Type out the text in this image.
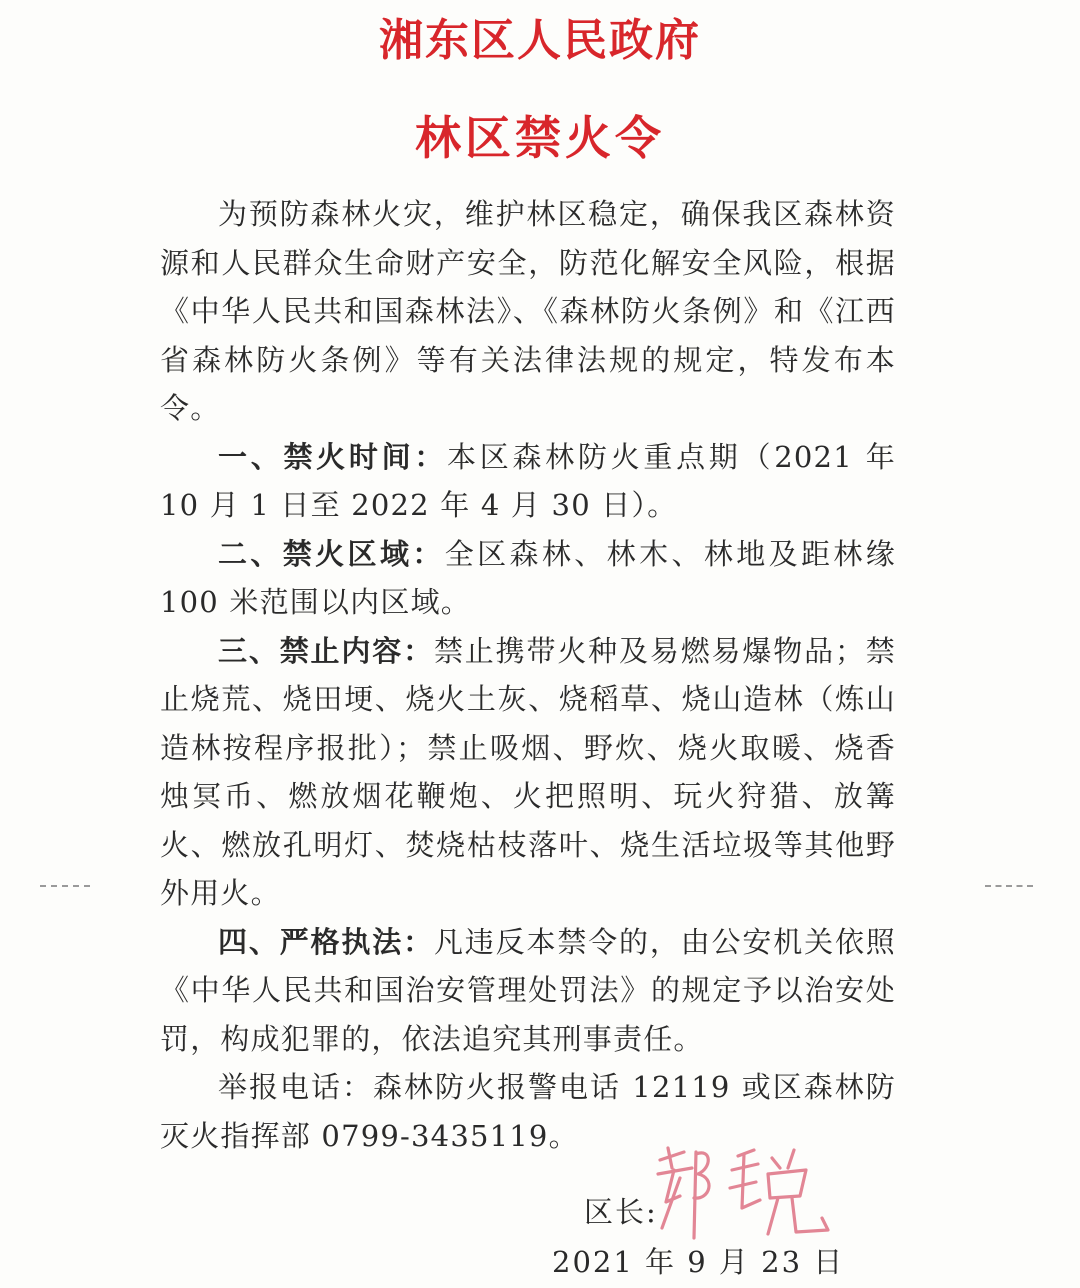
湘东区人民政府
林区禁火令

为预防森林火灾，维护林区稳定，确保我区森林资源和人民群众生命财产安全，防范化解安全风险，根据《中华人民共和国森林法》、《森林防火条例》和《江西省森林防火条例》等有关法律法规的规定，特发布本令。

一、禁火时间：本区森林防火重点期（2021 年 10 月 1 日至 2022 年 4 月 30 日）。

二、禁火区域：全区森林、林木、林地及距林缘 100 米范围以内区域。

三、禁止内容：禁止携带火种及易燃易爆物品；禁止烧荒、烧田埂、烧火土灰、烧稻草、烧山造林（炼山造林按程序报批）；禁止吸烟、野炊、烧火取暖、烧香烛冥币、燃放烟花鞭炮、火把照明、玩火狩猎、放篝火、燃放孔明灯、焚烧枯枝落叶、烧生活垃圾等其他野外用火。

四、严格执法：凡违反本禁令的，由公安机关依照《中华人民共和国治安管理处罚法》的规定予以治安处罚，构成犯罪的，依法追究其刑事责任。

举报电话：森林防火报警电话 12119 或区森林防灭火指挥部 0799-3435119。

区长:
2021 年 9 月 23 日
